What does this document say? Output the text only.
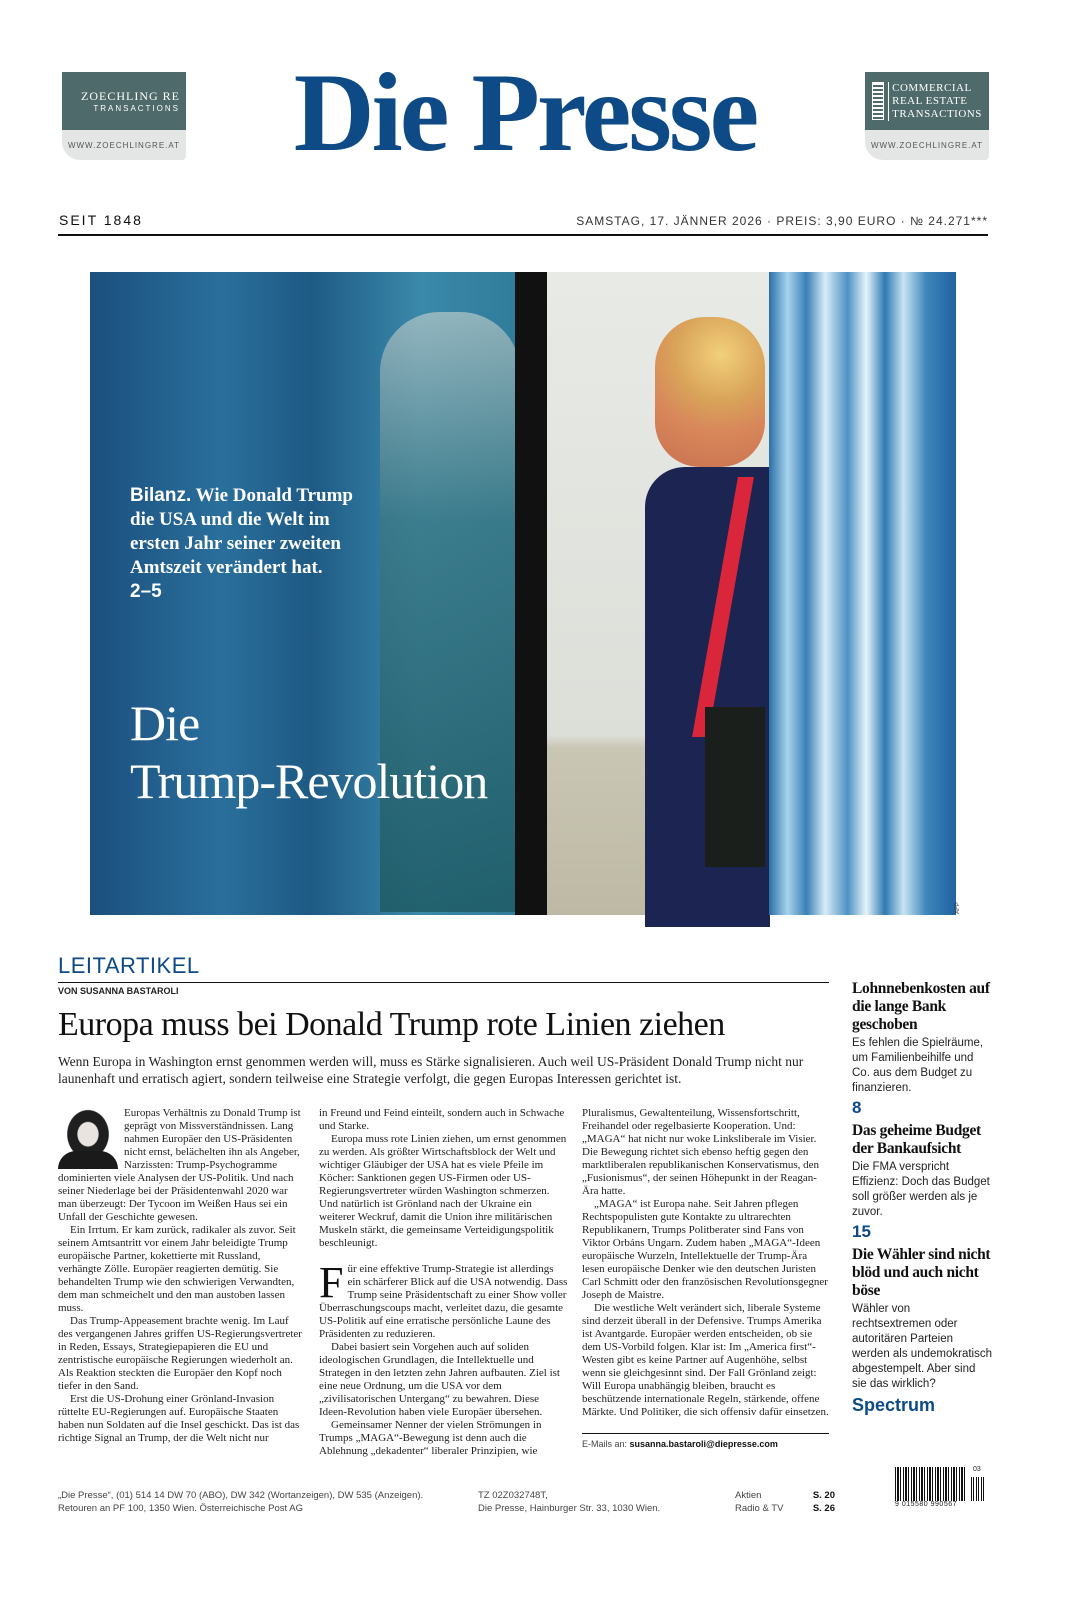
ZOECHLING RE
TRANSACTIONS
WWW.ZOECHLINGRE.AT Die Presse	COMMERCIAL
REAL ESTATE
TRANSACTIONS
WWW.ZOECHLINGRE.AT
SEIT 1848	SAMSTAG, 17. JÄNNER 2026 · PREIS: 3,90 EURO · № 24.271***
Bilanz. Wie Donald Trump die USA und die Welt im ersten Jahr seiner zweiten Amtszeit verändert hat.
2–5
Die
Trump-Revolution
AFP
LEITARTIKEL
VON SUSANNA BASTAROLI
Europa muss bei Donald Trump rote Linien ziehen
Wenn Europa in Washington ernst genommen werden will, muss es Stärke signalisieren. Auch weil US-Präsident Donald Trump nicht nur launenhaft und erratisch agiert, sondern teilweise eine Strategie verfolgt, die gegen Europas Interessen gerichtet ist.

Europas Verhältnis zu Donald Trump ist geprägt von Missverständnissen. Lang nahmen Europäer den US-Präsidenten nicht ernst, belächelten ihn als Angeber, Narzissten: Trump-Psychogramme dominierten viele Analysen der US-Politik. Und nach seiner Niederlage bei der Präsidentenwahl 2020 war man überzeugt: Der Tycoon im Weißen Haus sei ein Unfall der Geschichte gewesen.

Ein Irrtum. Er kam zurück, radikaler als zuvor. Seit seinem Amtsantritt vor einem Jahr beleidigte Trump europäische Partner, kokettierte mit Russland, verhängte Zölle. Europäer reagierten demütig. Sie behandelten Trump wie den schwierigen Verwandten, dem man schmeichelt und den man austoben lassen muss.

Das Trump-Appeasement brachte wenig. Im Lauf des vergangenen Jahres griffen US-Regierungsvertreter in Reden, Essays, Strategiepapieren die EU und zentristische europäische Regierungen wiederholt an. Als Reaktion steckten die Europäer den Kopf noch tiefer in den Sand.

Erst die US-Drohung einer Grönland-Invasion rüttelte EU-Regierungen auf. Europäische Staaten haben nun Soldaten auf die Insel geschickt. Das ist das richtige Signal an Trump, der die Welt nicht nur

in Freund und Feind einteilt, sondern auch in Schwache und Starke.

Europa muss rote Linien ziehen, um ernst genommen zu werden. Als größter Wirtschaftsblock der Welt und wichtiger Gläubiger der USA hat es viele Pfeile im Köcher: Sanktionen gegen US-Firmen oder US-Regierungsvertreter würden Washington schmerzen. Und natürlich ist Grönland nach der Ukraine ein weiterer Weckruf, damit die Union ihre militärischen Muskeln stärkt, die gemeinsame Verteidigungspolitik beschleunigt.

Für eine effektive Trump-Strategie ist allerdings ein schärferer Blick auf die USA notwendig. Dass Trump seine Präsidentschaft zu einer Show voller Überraschungscoups macht, verleitet dazu, die gesamte US-Politik auf eine erratische persönliche Laune des Präsidenten zu reduzieren.

Dabei basiert sein Vorgehen auch auf soliden ideologischen Grundlagen, die Intellektuelle und Strategen in den letzten zehn Jahren aufbauten. Ziel ist eine neue Ordnung, um die USA vor dem „zivilisatorischen Untergang“ zu bewahren. Diese Ideen-Revolution haben viele Europäer übersehen.

Gemeinsamer Nenner der vielen Strömungen in Trumps „MAGA“-Bewegung ist denn auch die Ablehnung „dekadenter“ liberaler Prinzipien, wie

Pluralismus, Gewaltenteilung, Wissensfortschritt, Freihandel oder regelbasierte Kooperation. Und: „MAGA“ hat nicht nur woke Linksliberale im Visier. Die Bewegung richtet sich ebenso heftig gegen den marktliberalen republikanischen Konservatismus, den „Fusionismus“, der seinen Höhepunkt in der Reagan-Ära hatte.

„MAGA“ ist Europa nahe. Seit Jahren pflegen Rechtspopulisten gute Kontakte zu ultrarechten Republikanern, Trumps Politberater sind Fans von Viktor Orbáns Ungarn. Zudem haben „MAGA“-Ideen europäische Wurzeln, Intellektuelle der Trump-Ära lesen europäische Denker wie den deutschen Juristen Carl Schmitt oder den französischen Revolutionsgegner Joseph de Maistre.

Die westliche Welt verändert sich, liberale Systeme sind derzeit überall in der Defensive. Trumps Amerika ist Avantgarde. Europäer werden entscheiden, ob sie dem US-Vorbild folgen. Klar ist: Im „America first“-Westen gibt es keine Partner auf Augenhöhe, selbst wenn sie gleichgesinnt sind. Der Fall Grönland zeigt: Will Europa unabhängig bleiben, braucht es beschützende internationale Regeln, stärkende, offene Märkte. Und Politiker, die sich offensiv dafür einsetzen.

E-Mails an: susanna.bastaroli@diepresse.com
Lohnnebenkosten auf die lange Bank geschoben
Es fehlen die Spielräume, um Familienbeihilfe und Co. aus dem Budget zu finanzieren.
8
Das geheime Budget der Bankaufsicht
Die FMA verspricht Effizienz: Doch das Budget soll größer werden als je zuvor.
15
Die Wähler sind nicht blöd und auch nicht böse
Wähler von rechtsextremen oder autoritären Parteien werden als undemokratisch abgestempelt. Aber sind sie das wirklich?
Spectrum
„Die Presse“, (01) 514 14 DW 70 (ABO), DW 342 (Wortanzeigen), DW 535 (Anzeigen).
Retouren an PF 100, 1350 Wien. Österreichische Post AG
TZ 02Z032748T,
Die Presse, Hainburger Str. 33, 1030 Wien.
Aktien	S. 20
Radio & TV	S. 26
03
9 015580 990567
